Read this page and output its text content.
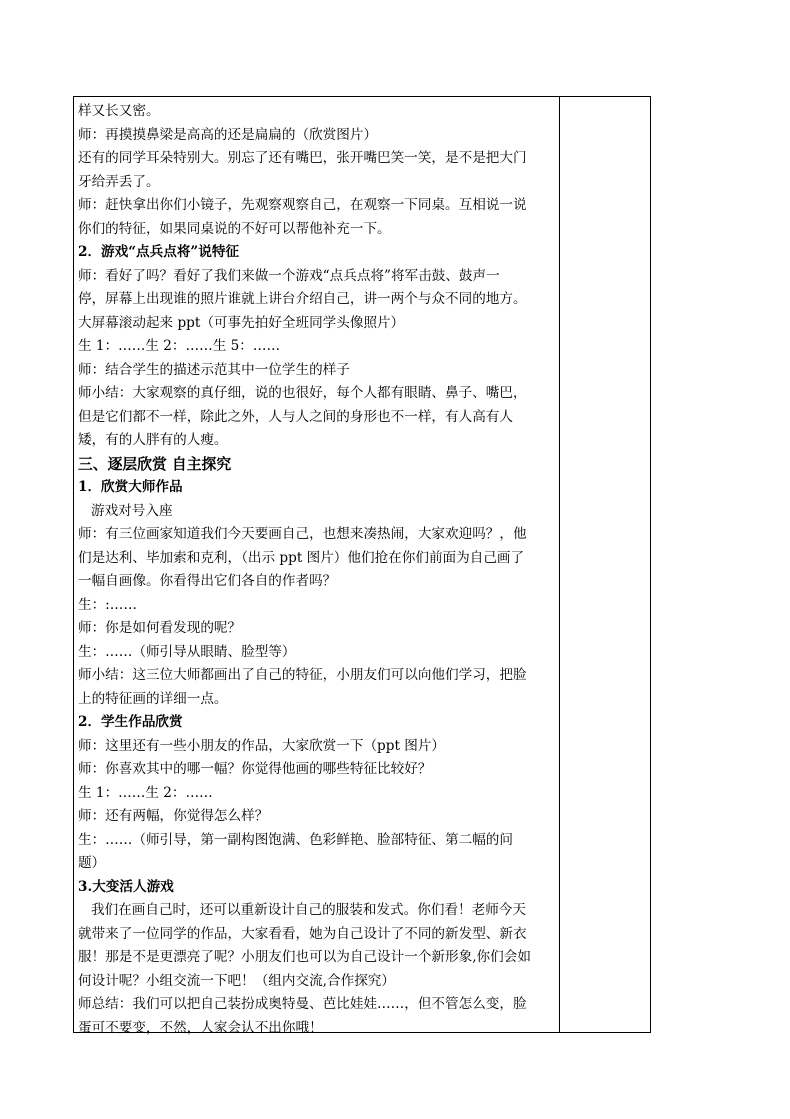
样又长又密。
师：再摸摸鼻梁是高高的还是扁扁的（欣赏图片）
还有的同学耳朵特别大。别忘了还有嘴巴，张开嘴巴笑一笑，是不是把大门
牙给弄丢了。
师：赶快拿出你们小镜子，先观察观察自己，在观察一下同桌。互相说一说
你们的特征，如果同桌说的不好可以帮他补充一下。
2．游戏“点兵点将”说特征
师：看好了吗？看好了我们来做一个游戏“点兵点将”将军击鼓、鼓声一
停，屏幕上出现谁的照片谁就上讲台介绍自己，讲一两个与众不同的地方。
大屏幕滚动起来 ppt（可事先拍好全班同学头像照片）
生 1：……生 2：……生 5：……
师：结合学生的描述示范其中一位学生的样子
师小结：大家观察的真仔细，说的也很好，每个人都有眼睛、鼻子、嘴巴，
但是它们都不一样，除此之外，人与人之间的身形也不一样，有人高有人
矮，有的人胖有的人瘦。
三、逐层欣赏 自主探究
1．欣赏大师作品
游戏对号入座
师：有三位画家知道我们今天要画自己，也想来凑热闹，大家欢迎吗？，他
们是达利、毕加索和克利，（出示 ppt 图片）他们抢在你们前面为自己画了
一幅自画像。你看得出它们各自的作者吗？
生：:……
师：你是如何看发现的呢？
生：……（师引导从眼睛、脸型等）
师小结：这三位大师都画出了自己的特征，小朋友们可以向他们学习，把脸
上的特征画的详细一点。
2．学生作品欣赏
师：这里还有一些小朋友的作品，大家欣赏一下（ppt 图片）
师：你喜欢其中的哪一幅？你觉得他画的哪些特征比较好？
生 1：……生 2：……
师：还有两幅，你觉得怎么样？
生：……（师引导，第一副构图饱满、色彩鲜艳、脸部特征、第二幅的问
题）
3.大变活人游戏
我们在画自己时，还可以重新设计自己的服装和发式。你们看！老师今天
就带来了一位同学的作品，大家看看，她为自己设计了不同的新发型、新衣
服！那是不是更漂亮了呢？小朋友们也可以为自己设计一个新形象,你们会如
何设计呢？小组交流一下吧！（组内交流,合作探究）
师总结：我们可以把自己装扮成奥特曼、芭比娃娃……，但不管怎么变，脸
蛋可不要变，不然，人家会认不出你哦！
